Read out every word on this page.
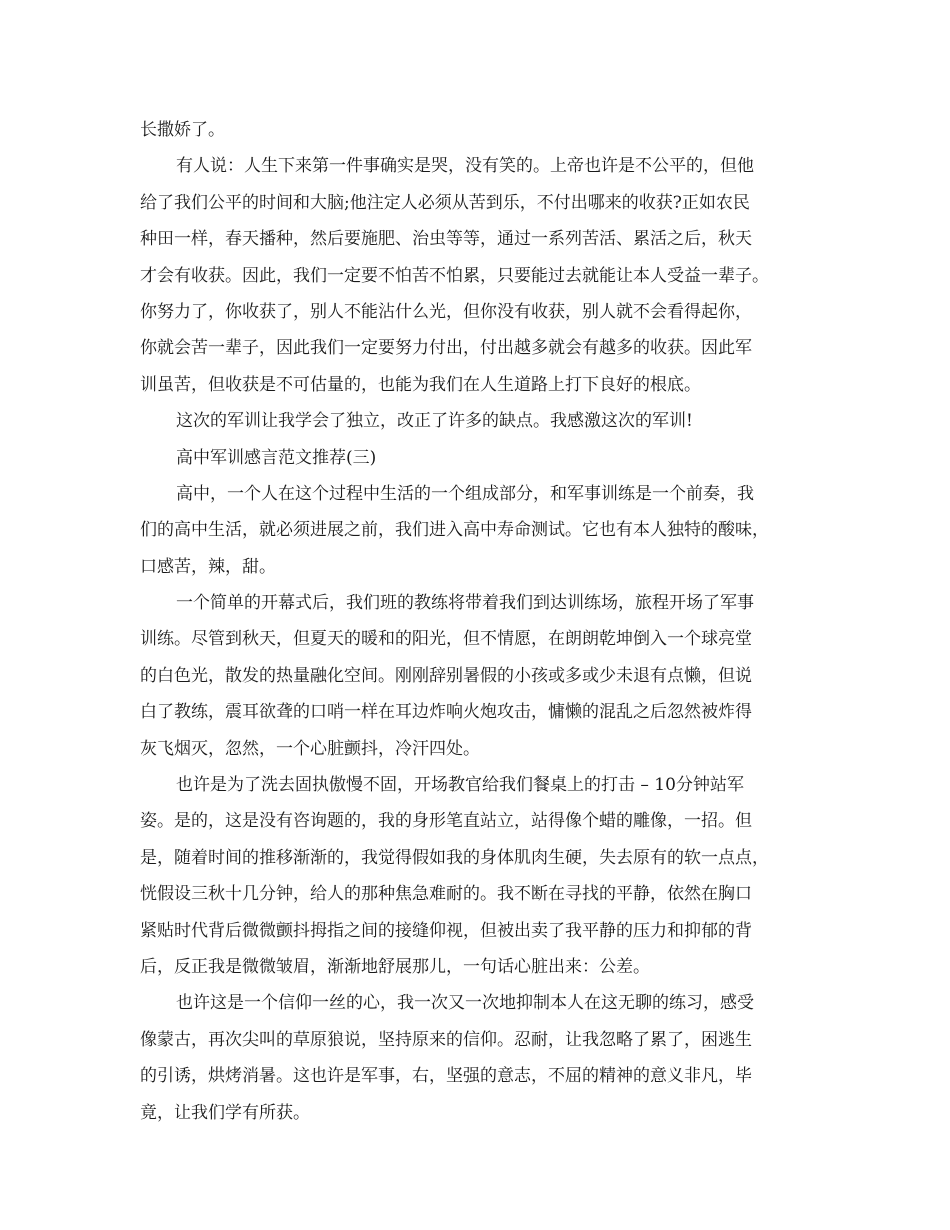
长撒娇了。
有人说：人生下来第一件事确实是哭，没有笑的。上帝也许是不公平的，但他
给了我们公平的时间和大脑;他注定人必须从苦到乐，不付出哪来的收获?正如农民
种田一样，春天播种，然后要施肥、治虫等等，通过一系列苦活、累活之后，秋天
才会有收获。因此，我们一定要不怕苦不怕累，只要能过去就能让本人受益一辈子。
你努力了，你收获了，别人不能沾什么光，但你没有收获，别人就不会看得起你，
你就会苦一辈子，因此我们一定要努力付出，付出越多就会有越多的收获。因此军
训虽苦，但收获是不可估量的，也能为我们在人生道路上打下良好的根底。
这次的军训让我学会了独立，改正了许多的缺点。我感激这次的军训!
高中军训感言范文推荐(三)
高中，一个人在这个过程中生活的一个组成部分，和军事训练是一个前奏，我
们的高中生活，就必须进展之前，我们进入高中寿命测试。它也有本人独特的酸味，
口感苦，辣，甜。
一个简单的开幕式后，我们班的教练将带着我们到达训练场，旅程开场了军事
训练。尽管到秋天，但夏天的暖和的阳光，但不情愿，在朗朗乾坤倒入一个球亮堂
的白色光，散发的热量融化空间。刚刚辞别暑假的小孩或多或少未退有点懒，但说
白了教练，震耳欲聋的口哨一样在耳边炸响火炮攻击，慵懒的混乱之后忽然被炸得
灰飞烟灭，忽然，一个心脏颤抖，冷汗四处。
也许是为了洗去固执傲慢不固，开场教官给我们餐桌上的打击 – 10分钟站军
姿。是的，这是没有咨询题的，我的身形笔直站立，站得像个蜡的雕像，一招。但
是，随着时间的推移渐渐的，我觉得假如我的身体肌肉生硬，失去原有的软一点点，
恍假设三秋十几分钟，给人的那种焦急难耐的。我不断在寻找的平静，依然在胸口
紧贴时代背后微微颤抖拇指之间的接缝仰视，但被出卖了我平静的压力和抑郁的背
后，反正我是微微皱眉，渐渐地舒展那儿，一句话心脏出来：公差。
也许这是一个信仰一丝的心，我一次又一次地抑制本人在这无聊的练习，感受
像蒙古，再次尖叫的草原狼说，坚持原来的信仰。忍耐，让我忽略了累了，困逃生
的引诱，烘烤消暑。这也许是军事，右，坚强的意志，不屈的精神的意义非凡，毕
竟，让我们学有所获。
